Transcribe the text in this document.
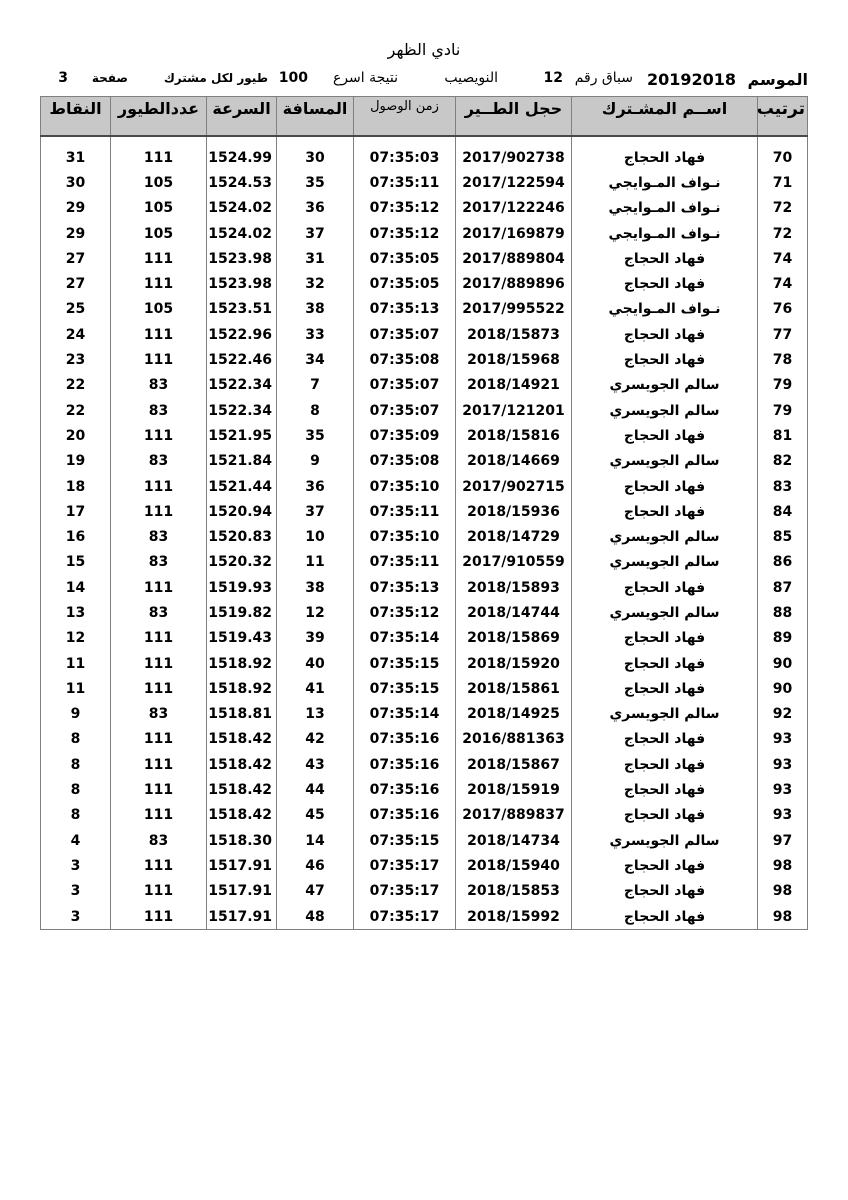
نادي الظهر
الموسم
20192018
سباق رقم
12
النويصيب
نتيجة اسرع
100
طيور لكل مشترك
صفحة
3
ترتيب	اســم المشـترك	حجل الطــير	زمن الوصول	المسافة	السرعة	عددالطيور	النقاط

70	فهاد الحجاج	2017/902738	07:35:03	30	1524.99	111	31
71	نـواف المـوايجي	2017/122594	07:35:11	35	1524.53	105	30
72	نـواف المـوايجي	2017/122246	07:35:12	36	1524.02	105	29
72	نـواف المـوايجي	2017/169879	07:35:12	37	1524.02	105	29
74	فهاد الحجاج	2017/889804	07:35:05	31	1523.98	111	27
74	فهاد الحجاج	2017/889896	07:35:05	32	1523.98	111	27
76	نـواف المـوايجي	2017/995522	07:35:13	38	1523.51	105	25
77	فهاد الحجاج	2018/15873	07:35:07	33	1522.96	111	24
78	فهاد الحجاج	2018/15968	07:35:08	34	1522.46	111	23
79	سالم الجويسري	2018/14921	07:35:07	7	1522.34	83	22
79	سالم الجويسري	2017/121201	07:35:07	8	1522.34	83	22
81	فهاد الحجاج	2018/15816	07:35:09	35	1521.95	111	20
82	سالم الجويسري	2018/14669	07:35:08	9	1521.84	83	19
83	فهاد الحجاج	2017/902715	07:35:10	36	1521.44	111	18
84	فهاد الحجاج	2018/15936	07:35:11	37	1520.94	111	17
85	سالم الجويسري	2018/14729	07:35:10	10	1520.83	83	16
86	سالم الجويسري	2017/910559	07:35:11	11	1520.32	83	15
87	فهاد الحجاج	2018/15893	07:35:13	38	1519.93	111	14
88	سالم الجويسري	2018/14744	07:35:12	12	1519.82	83	13
89	فهاد الحجاج	2018/15869	07:35:14	39	1519.43	111	12
90	فهاد الحجاج	2018/15920	07:35:15	40	1518.92	111	11
90	فهاد الحجاج	2018/15861	07:35:15	41	1518.92	111	11
92	سالم الجويسري	2018/14925	07:35:14	13	1518.81	83	9
93	فهاد الحجاج	2016/881363	07:35:16	42	1518.42	111	8
93	فهاد الحجاج	2018/15867	07:35:16	43	1518.42	111	8
93	فهاد الحجاج	2018/15919	07:35:16	44	1518.42	111	8
93	فهاد الحجاج	2017/889837	07:35:16	45	1518.42	111	8
97	سالم الجويسري	2018/14734	07:35:15	14	1518.30	83	4
98	فهاد الحجاج	2018/15940	07:35:17	46	1517.91	111	3
98	فهاد الحجاج	2018/15853	07:35:17	47	1517.91	111	3
98	فهاد الحجاج	2018/15992	07:35:17	48	1517.91	111	3
